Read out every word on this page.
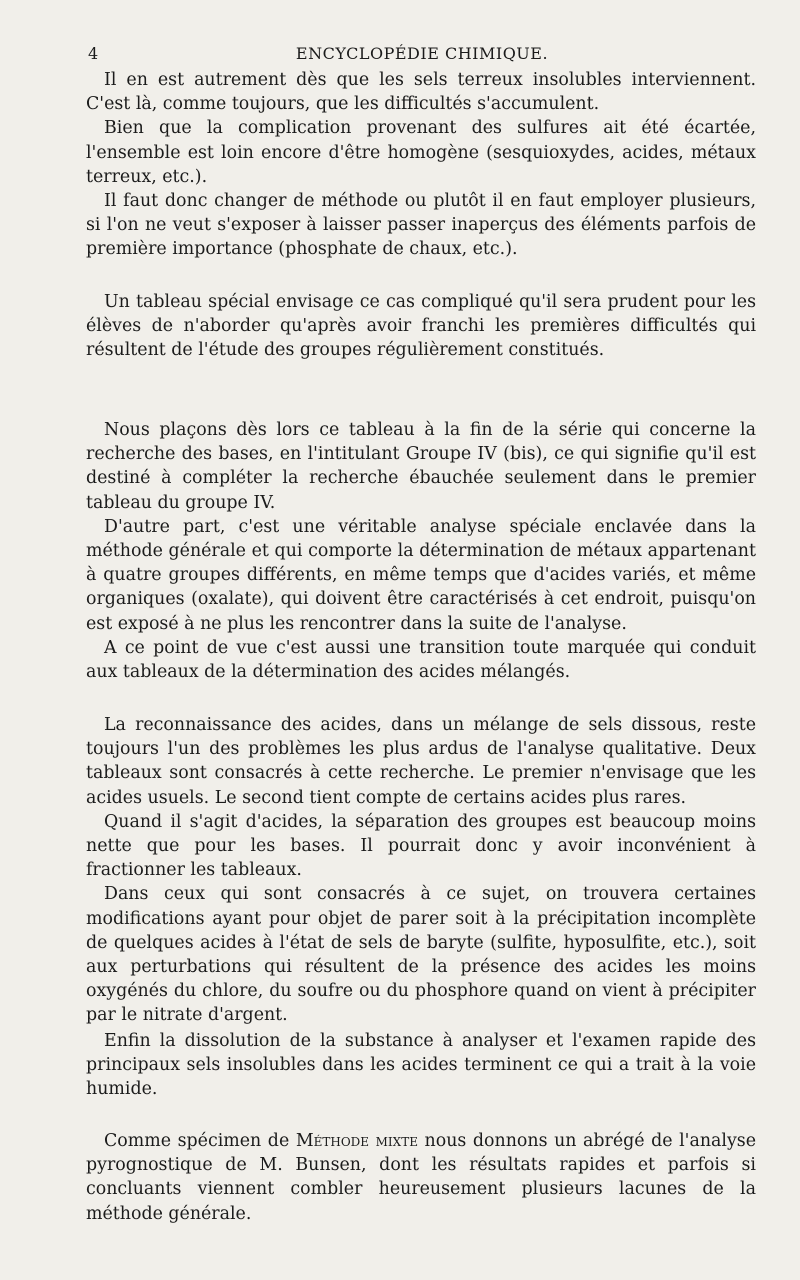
4	ENCYCLOPÉDIE CHIMIQUE.

Il en est autrement dès que les sels terreux insolubles interviennent. C'est là, comme toujours, que les difficultés s'accumulent.

Bien que la complication provenant des sulfures ait été écartée, l'ensemble est loin encore d'être homogène (sesquioxydes, acides, métaux terreux, etc.).

Il faut donc changer de méthode ou plutôt il en faut employer plusieurs, si l'on ne veut s'exposer à laisser passer inaperçus des éléments parfois de première importance (phosphate de chaux, etc.).

Un tableau spécial envisage ce cas compliqué qu'il sera prudent pour les élèves de n'aborder qu'après avoir franchi les premières difficultés qui résultent de l'étude des groupes régulièrement constitués.

Nous plaçons dès lors ce tableau à la fin de la série qui concerne la recherche des bases, en l'intitulant Groupe IV (bis), ce qui signifie qu'il est destiné à compléter la recherche ébauchée seulement dans le premier tableau du groupe IV.

D'autre part, c'est une véritable analyse spéciale enclavée dans la méthode générale et qui comporte la détermination de métaux appartenant à quatre groupes différents, en même temps que d'acides variés, et même organiques (oxalate), qui doivent être caractérisés à cet endroit, puisqu'on est exposé à ne plus les rencontrer dans la suite de l'analyse.

A ce point de vue c'est aussi une transition toute marquée qui conduit aux tableaux de la détermination des acides mélangés.

La reconnaissance des acides, dans un mélange de sels dissous, reste toujours l'un des problèmes les plus ardus de l'analyse qualitative. Deux tableaux sont consacrés à cette recherche. Le premier n'envisage que les acides usuels. Le second tient compte de certains acides plus rares.

Quand il s'agit d'acides, la séparation des groupes est beaucoup moins nette que pour les bases. Il pourrait donc y avoir inconvénient à fractionner les tableaux.

Dans ceux qui sont consacrés à ce sujet, on trouvera certaines modifications ayant pour objet de parer soit à la précipitation incomplète de quelques acides à l'état de sels de baryte (sulfite, hyposulfite, etc.), soit aux perturbations qui résultent de la présence des acides les moins oxygénés du chlore, du soufre ou du phosphore quand on vient à précipiter par le nitrate d'argent.

Enfin la dissolution de la substance à analyser et l'examen rapide des principaux sels insolubles dans les acides terminent ce qui a trait à la voie humide.

Comme spécimen de Méthode mixte nous donnons un abrégé de l'analyse pyrognostique de M. Bunsen, dont les résultats rapides et parfois si concluants viennent combler heureusement plusieurs lacunes de la méthode générale.
